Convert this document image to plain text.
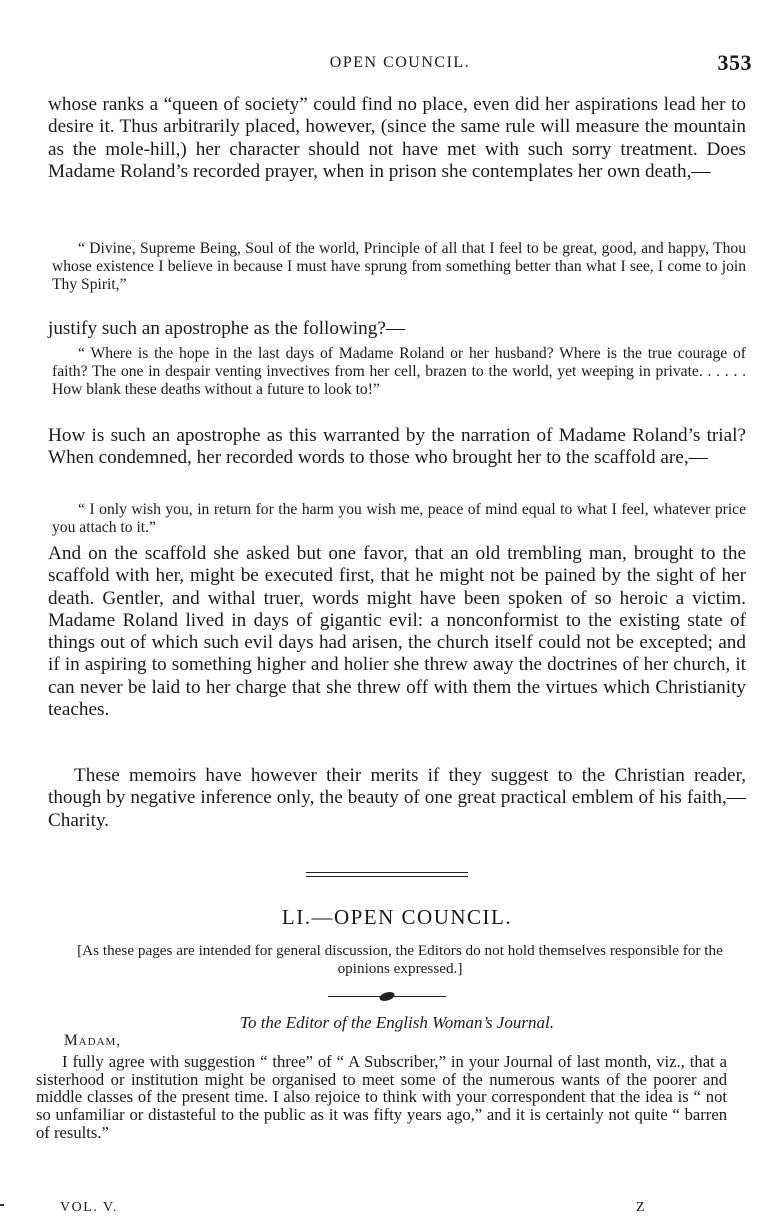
OPEN COUNCIL.	353

whose ranks a “queen of society” could find no place, even did her aspirations lead her to desire it. Thus arbitrarily placed, however, (since the same rule will measure the mountain as the mole-hill,) her character should not have met with such sorry treatment. Does Madame Roland’s recorded prayer, when in prison she contemplates her own death,—

“ Divine, Supreme Being, Soul of the world, Principle of all that I feel to be great, good, and happy, Thou whose existence I believe in because I must have sprung from something better than what I see, I come to join Thy Spirit,”

justify such an apostrophe as the following?—

“ Where is the hope in the last days of Madame Roland or her husband? Where is the true courage of faith? The one in despair venting invectives from her cell, brazen to the world, yet weeping in private. . . . . . How blank these deaths without a future to look to!”

How is such an apostrophe as this warranted by the narration of Madame Roland’s trial? When condemned, her recorded words to those who brought her to the scaffold are,—

“ I only wish you, in return for the harm you wish me, peace of mind equal to what I feel, whatever price you attach to it.”

And on the scaffold she asked but one favor, that an old trembling man, brought to the scaffold with her, might be executed first, that he might not be pained by the sight of her death. Gentler, and withal truer, words might have been spoken of so heroic a victim. Madame Roland lived in days of gigantic evil: a nonconformist to the existing state of things out of which such evil days had arisen, the church itself could not be excepted; and if in aspiring to something higher and holier she threw away the doctrines of her church, it can never be laid to her charge that she threw off with them the virtues which Christianity teaches.

These memoirs have however their merits if they suggest to the Christian reader, though by negative inference only, the beauty of one great practical emblem of his faith,—Charity.

LI.—OPEN COUNCIL.
[As these pages are intended for general discussion, the Editors do not hold themselves responsible for the opinions expressed.]
To the Editor of the English Woman’s Journal.
Madam,

I fully agree with suggestion “ three” of “ A Subscriber,” in your Journal of last month, viz., that a sisterhood or institution might be organised to meet some of the numerous wants of the poorer and middle classes of the present time. I also rejoice to think with your correspondent that the idea is “ not so unfamiliar or distasteful to the public as it was fifty years ago,” and it is certainly not quite “ barren of results.”

VOL. V.	Z
